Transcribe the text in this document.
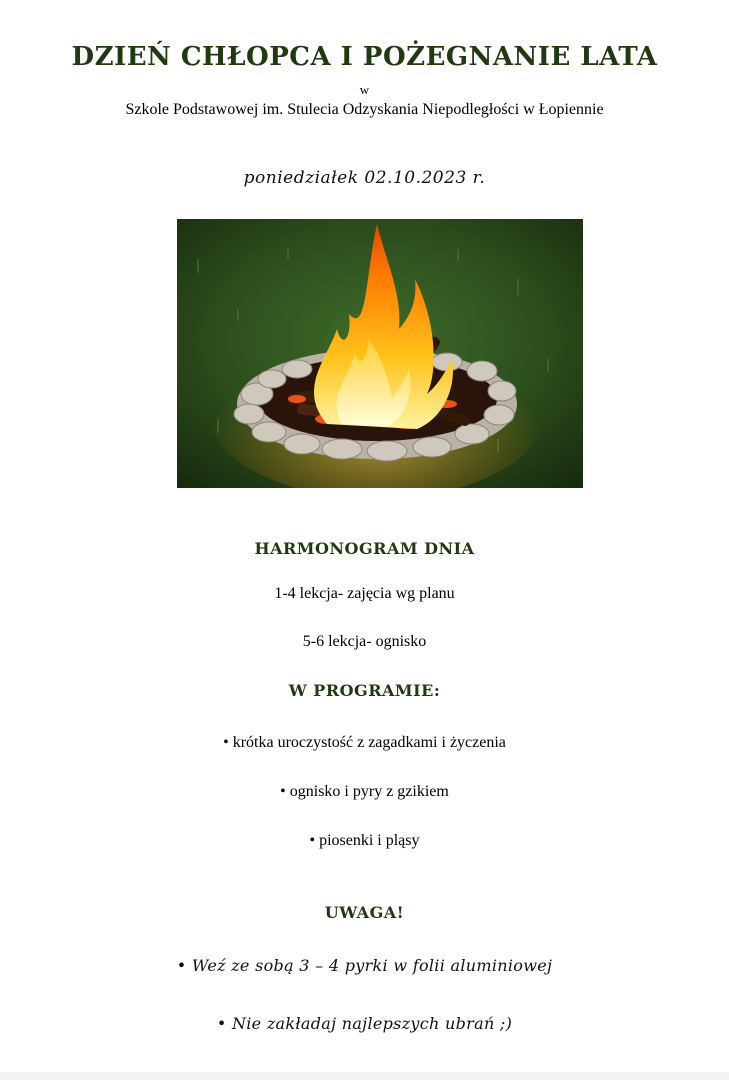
DZIEŃ CHŁOPCA I POŻEGNANIE LATA
w
Szkole Podstawowej im. Stulecia Odzyskania Niepodległości w Łopiennie
poniedziałek 02.10.2023 r.
HARMONOGRAM DNIA
1-4 lekcja- zajęcia wg planu
5-6 lekcja- ognisko
W PROGRAMIE:
• krótka uroczystość z zagadkami i życzenia
• ognisko i pyry z gzikiem
• piosenki i pląsy
UWAGA!
• Weź ze sobą 3 – 4 pyrki w folii aluminiowej
• Nie zakładaj najlepszych ubrań ;)
